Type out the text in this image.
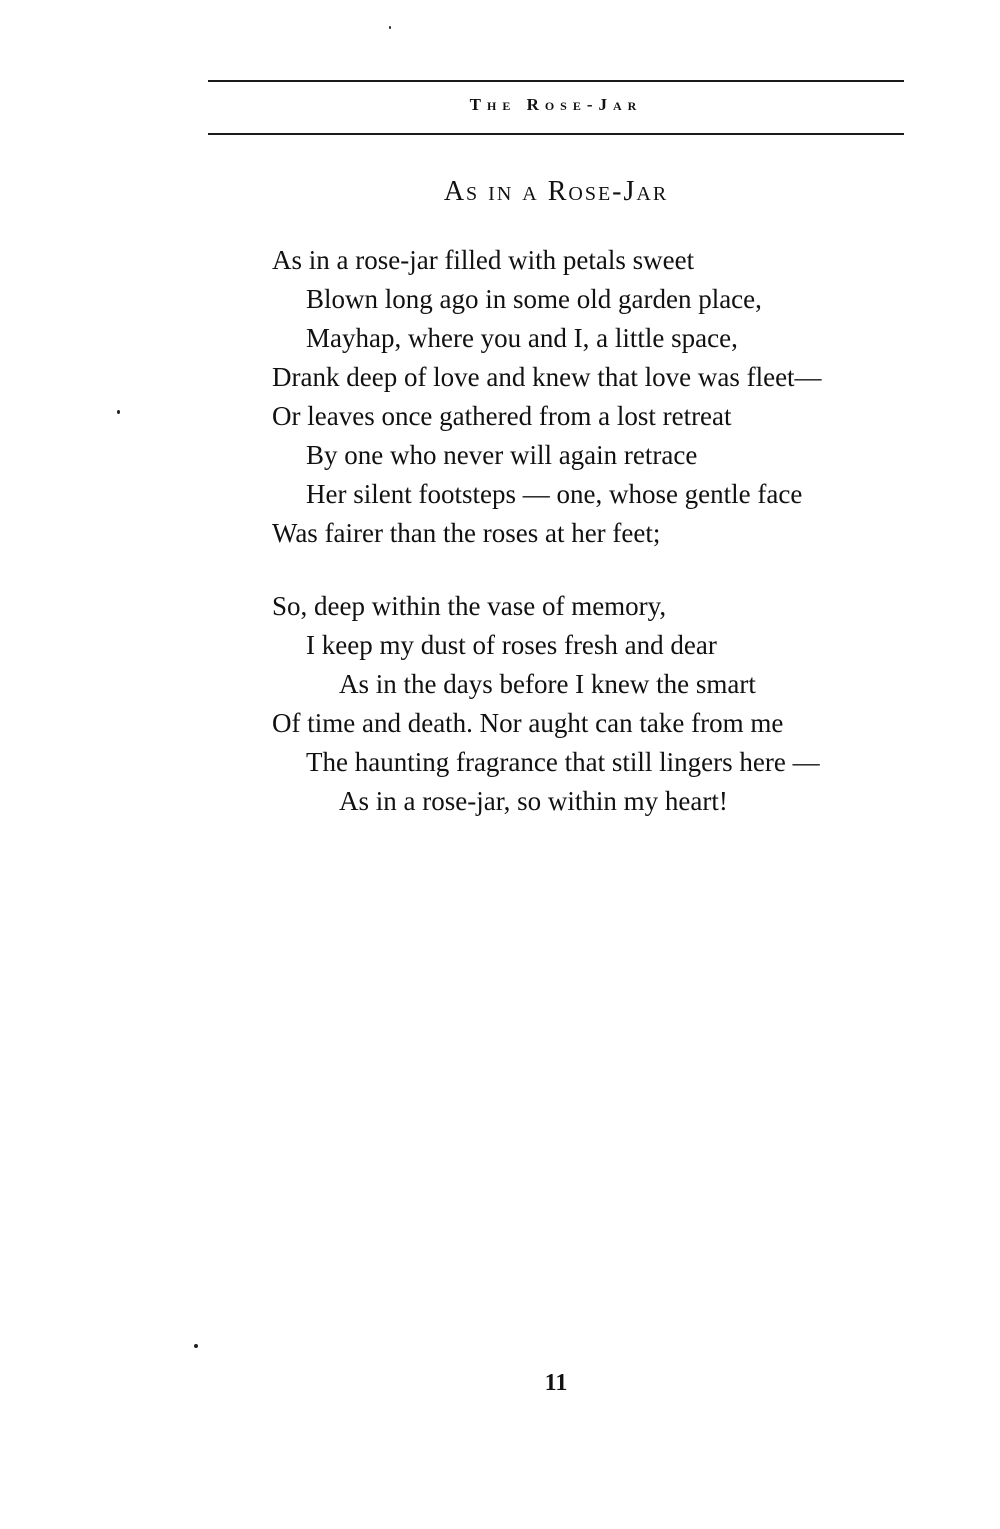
The Rose-Jar
As in a Rose-Jar
As in a rose-jar filled with petals sweet
Blown long ago in some old garden place,
Mayhap, where you and I, a little space,
Drank deep of love and knew that love was fleet—
Or leaves once gathered from a lost retreat
By one who never will again retrace
Her silent footsteps — one, whose gentle face
Was fairer than the roses at her feet;
So, deep within the vase of memory,
I keep my dust of roses fresh and dear
As in the days before I knew the smart
Of time and death. Nor aught can take from me
The haunting fragrance that still lingers here —
As in a rose-jar, so within my heart!
11
